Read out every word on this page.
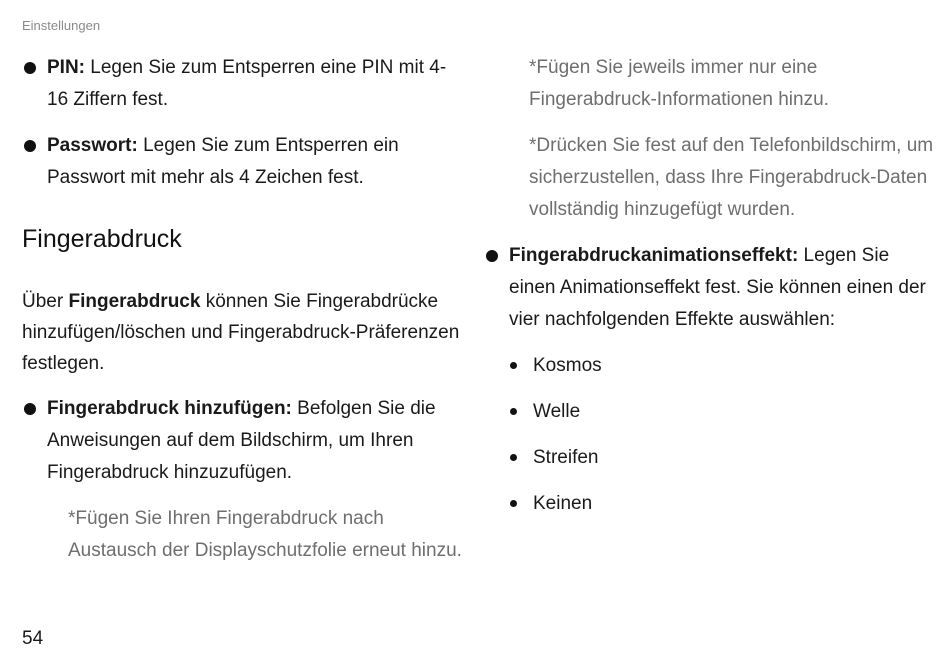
Einstellungen
PIN: Legen Sie zum Entsperren eine PIN mit 4-16 Ziffern fest.
Passwort: Legen Sie zum Entsperren ein Passwort mit mehr als 4 Zeichen fest.
Fingerabdruck
Über Fingerabdruck können Sie Fingerabdrücke hinzufügen/löschen und Fingerabdruck-Präferenzen festlegen.
Fingerabdruck hinzufügen: Befolgen Sie die Anweisungen auf dem Bildschirm, um Ihren Fingerabdruck hinzuzufügen.
*Fügen Sie Ihren Fingerabdruck nach Austausch der Displayschutzfolie erneut hinzu.
*Fügen Sie jeweils immer nur eine Fingerabdruck-Informationen hinzu.
*Drücken Sie fest auf den Telefonbildschirm, um sicherzustellen, dass Ihre Fingerabdruck-Daten vollständig hinzugefügt wurden.
Fingerabdruckanimationseffekt: Legen Sie einen Animationseffekt fest. Sie können einen der vier nachfolgenden Effekte auswählen:
Kosmos
Welle
Streifen
Keinen
54
